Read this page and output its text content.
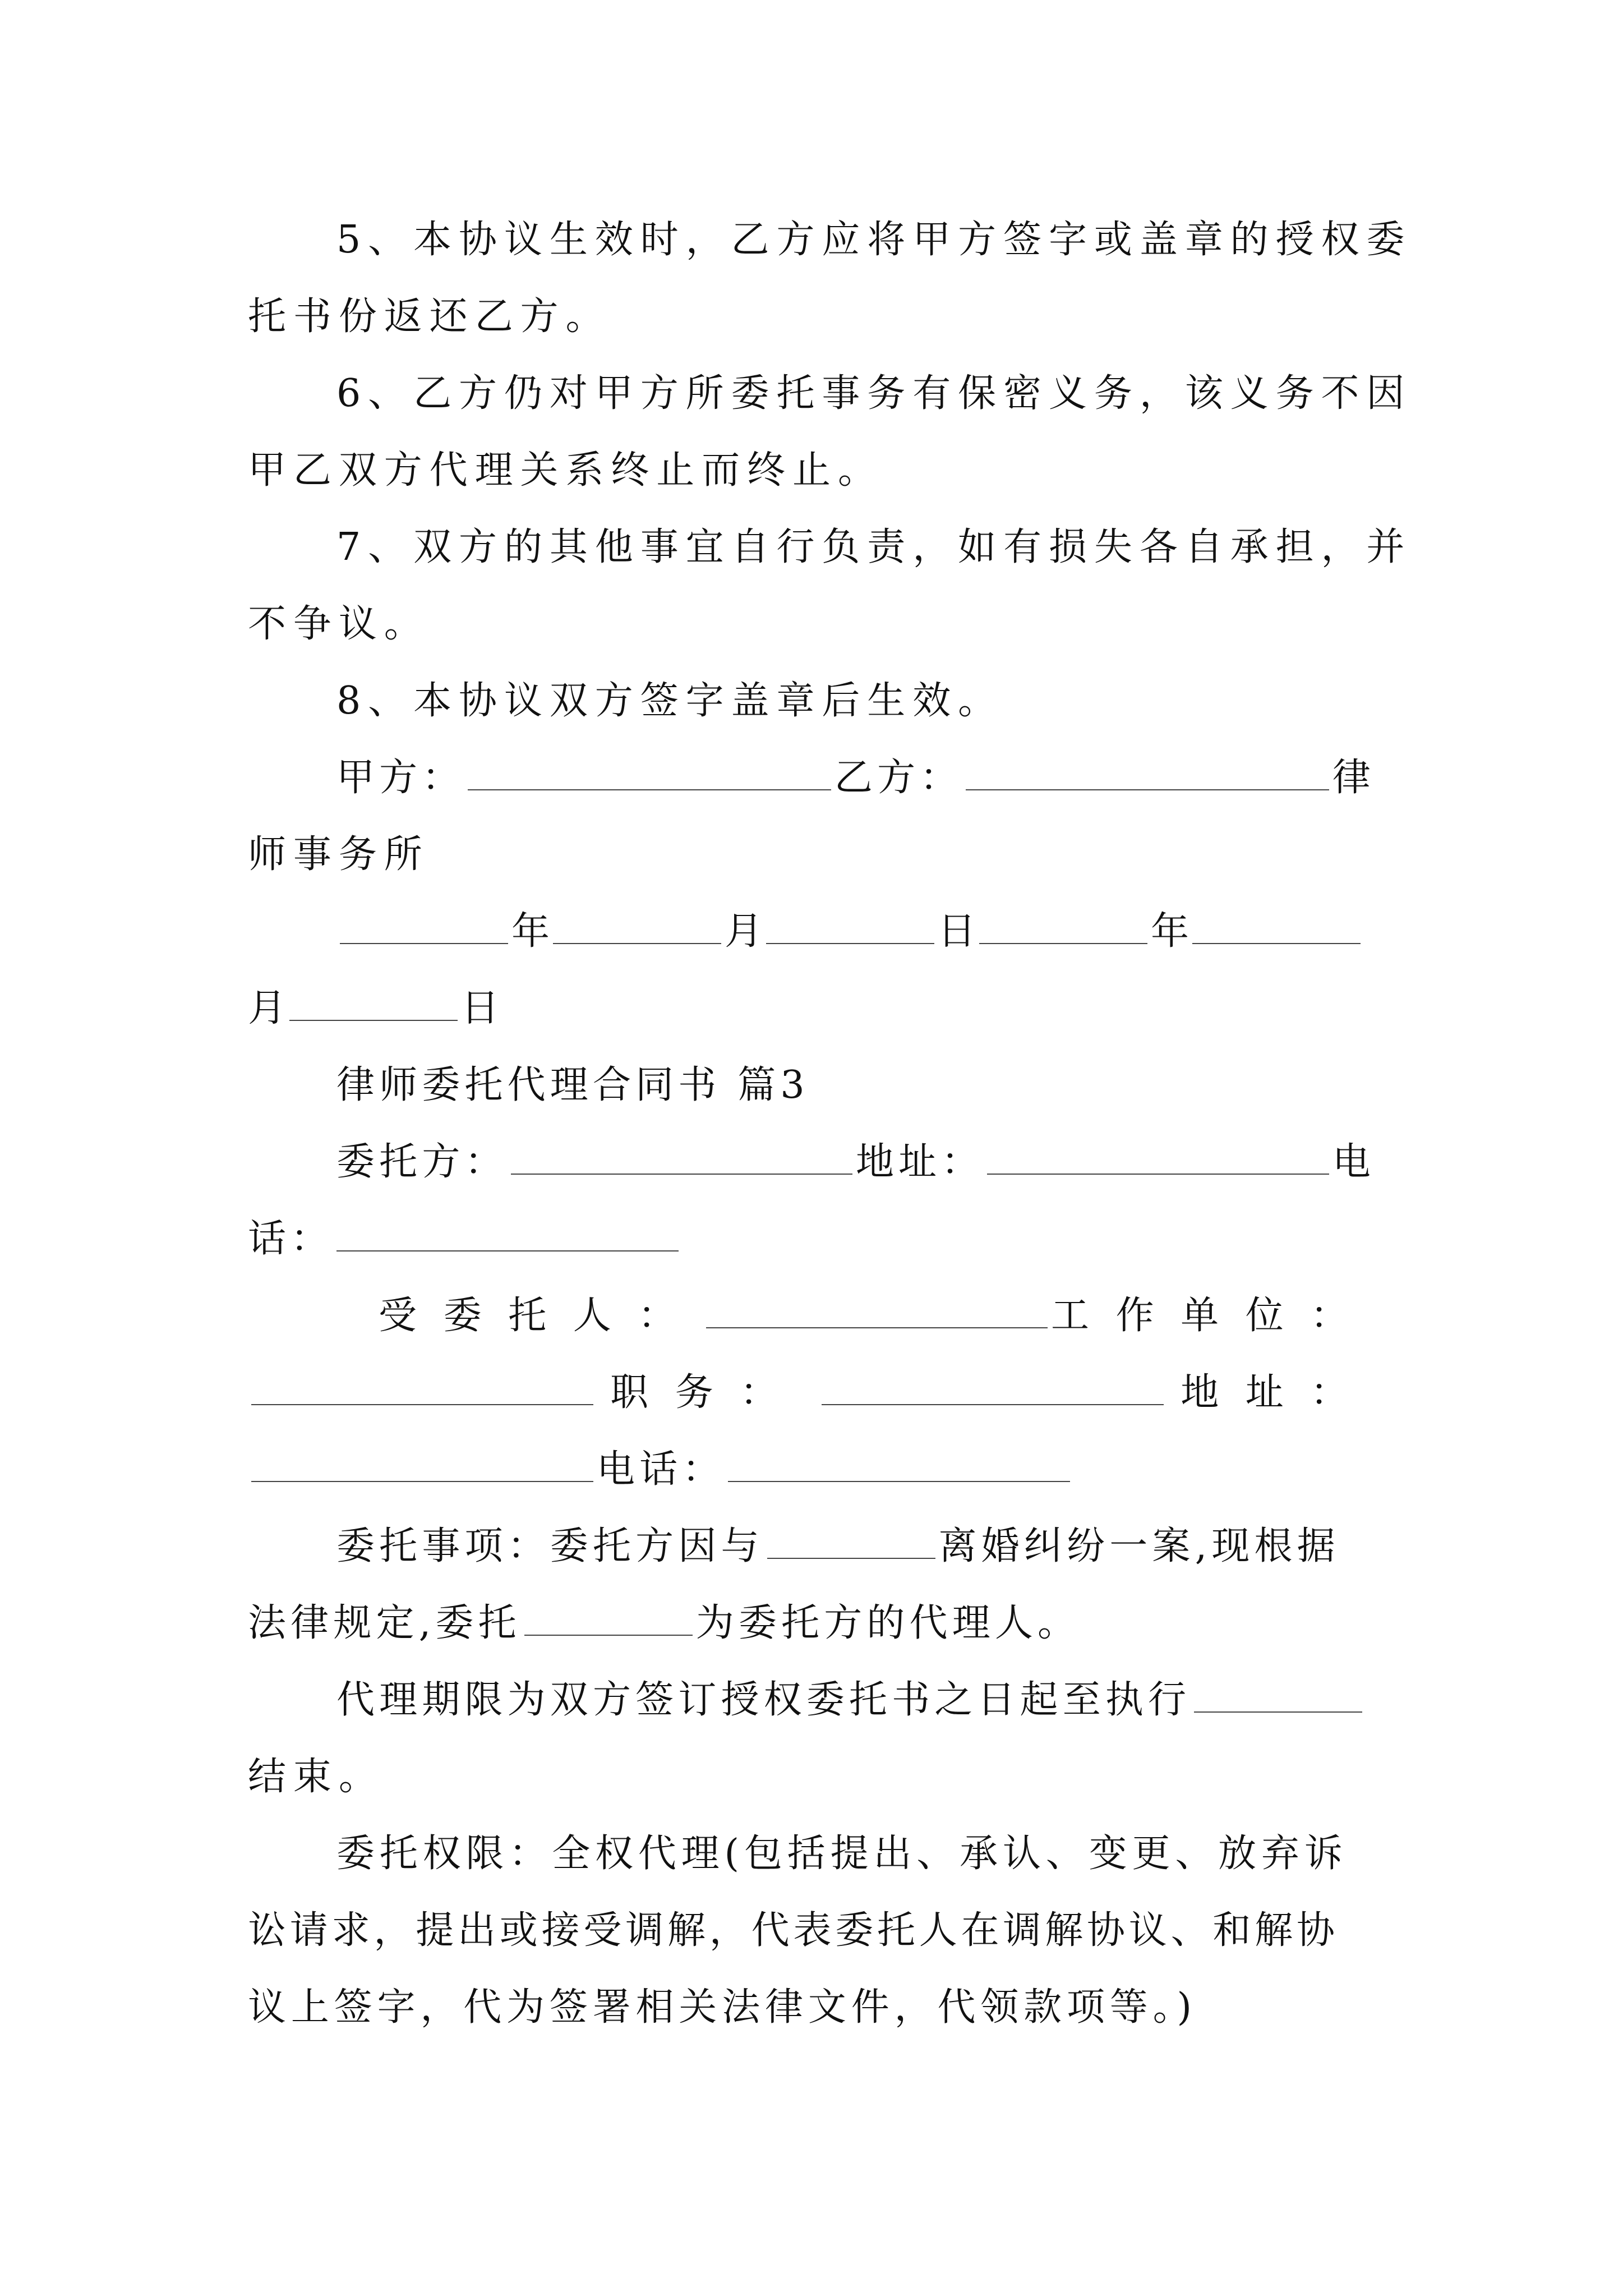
5、本协议生效时，乙方应将甲方签字或盖章的授权委
托书份返还乙方。
6、乙方仍对甲方所委托事务有保密义务，该义务不因
甲乙双方代理关系终止而终止。
7、双方的其他事宜自行负责，如有损失各自承担，并
不争议。
8、本协议双方签字盖章后生效。
甲方：	乙方：	律
师事务所
年	月	日	年
月	日
律师委托代理合同书 篇3
委托方：	地址：	电
话：
受委托人：	工作单位：
职务：	地址：
电话：
委托事项：委托方因与	离婚纠纷一案,现根据
法律规定,委托	为委托方的代理人。
代理期限为双方签订授权委托书之日起至执行
结束。
委托权限：全权代理(包括提出、承认、变更、放弃诉
讼请求，提出或接受调解，代表委托人在调解协议、和解协
议上签字，代为签署相关法律文件，代领款项等。)
